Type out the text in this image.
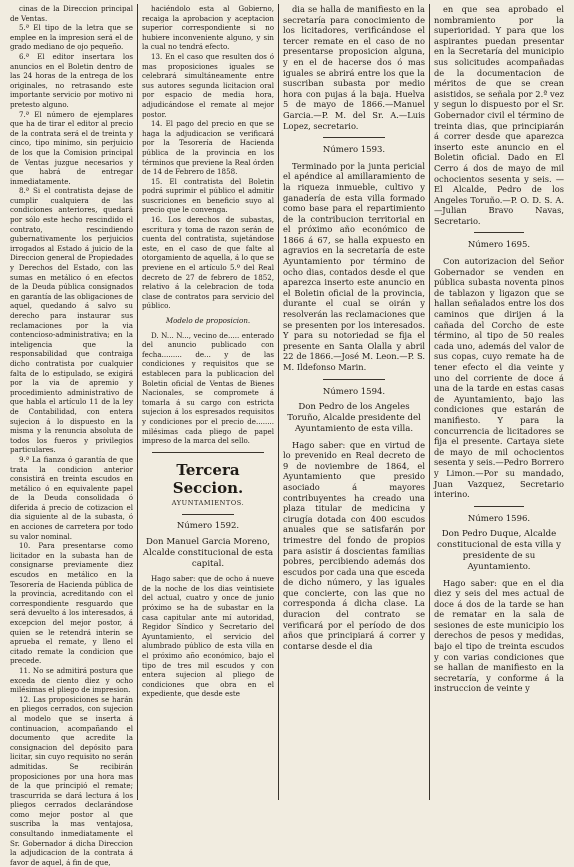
cinas de la Direccion principal de Ventas.

5.ª El tipo de la letra que se emplee en la impresion será el de grado mediano de ojo pequeño.

6.ª El editor insertara los anuncios en el Boletin dentro de las 24 horas de la entrega de los originales, no retrasando este importante servicio por motivo ni pretesto alguno.

7.ª El número de ejemplares que ha de tirar el editor al precio de la contrata será el de treinta y cinco, tipo minimo, sin perjuicio de los que la Comision principal de Ventas juzgue necesarios y que habrá de entregar inmediatamente.

8.ª Si el contratista dejase de cumplir cualquiera de las condiciones anteriores, quedará por sólo este hecho rescindido el contrato, rescindiendo gubernativamente los perjuicios irrogados al Estado á juicio de la Direccion general de Propiedades y Derechos del Estado, con las sumas en metálico ó en efectos de la Deuda pública consignados en garantía de las obligaciones de aquel, quedando á salvo su derecho para instaurar sus reclamaciones por la via contencioso-administrativa; en la inteligencia que la responsabilidad que contraiga dicho contratista por cualquier falta de lo estipulado, se exigirá por la via de apremio y procedimiento administrativo de que habla el artículo 11 de la ley de Contabilidad, con entera sujecion á lo dispuesto en la misma y la renuncia absoluta de todos los fueros y privilegios particulares.

9.ª La fianza ó garantía de que trata la condicion anterior consistirá en treinta escudos en metálico ó en equivalente papel de la Deuda consolidada ó diferida á precio de cotizacion el dia siguiente al de la subasta, ó en acciones de carretera por todo su valor nominal.

10. Para presentarse como licitador en la subasta han de consignarse previamente diez escudos en metálico en la Tesorería de Hacienda pública de la provincia, acreditando con el correspondiente resguardo que será devuelto á los interesados, á excepcion del mejor postor, á quien se le retendrá interin se aprueba el remate, y lleno el citado remate la condicion que precede.

11. No se admitirá postura que exceda de ciento diez y ocho milésimas el pliego de impresion.

12. Las proposiciones se harán en pliegos cerrados, con sujecion al modelo que se inserta á continuacion, acompañando el documento que acredite la consignacion del depósito para licitar, sin cuyo requisito no serán admitidas. Se recibirán proposiciones por una hora mas de la que principió el remate; trascurrida se dará lectura á los pliegos cerrados declarándose como mejor postor al que suscriba la mas ventajosa, consultando inmediatamente el Sr. Gobernador á dicha Direccion la adjudicacion de la contrata á favor de aquel, á fin de que,

haciéndolo esta al Gobierno, recaiga la aprobacion y aceptacion superior correspondiente si no hubiere inconveniente alguno, y sin la cual no tendrá efecto.

13. En el caso que resulten dos ó mas proposiciones iguales se celebrará simultáneamente entre sus autores segunda licitacion oral por espacio de media hora, adjudicándose el remate al mejor postor.

14. El pago del precio en que se haga la adjudicacion se verificará por la Tesorería de Hacienda pública de la provincia en los términos que previene la Real órden de 14 de Febrero de 1858.

15. El contratista del Boletin podrá suprimir el público el admitir suscriciones en beneficio suyo al precio que le convenga.

16. Los derechos de subastas, escritura y toma de razon serán de cuenta del contratista, sujetándose este, en el caso de que falte al otorgamiento de aquella, á lo que se previene en el artículo 5.º del Real decreto de 27 de febrero de 1852, relativo á la celebracion de toda clase de contratos para servicio del público.

Modelo de proposicion.

D. N... N..., vecino de..... enterado del anuncio publicado con fecha......... de... y de las condiciones y requisitos que se establecen para la publicacion del Boletin oficial de Ventas de Bienes Nacionales, se compromete á tomarla á su cargo con estricta sujecion á los espresados requisitos y condiciones por el precio de........ milésimas cada pliego de papel impreso de la marca del sello.

Tercera Seccion.
AYUNTAMIENTOS.

Número 1592.

Don Manuel Garcia Moreno, Alcalde constitucional de esta capital.

Hago saber: que de ocho á nueve de la noche de los dias veintisiete del actual, cuatro y once de junio próximo se ha de subastar en la casa capitular ante mí autoridad, Regidor Síndico y Secretario del Ayuntamiento, el servicio del alumbrado público de esta villa en el próximo año económico, bajo el tipo de tres mil escudos y con entera sujecion al pliego de condiciones que obra en el expediente, que desde este

dia se halla de manifiesto en la secretaría para conocimiento de los licitadores, verificándose el tercer remate en el caso de no presentarse proposicion alguna, y en el de hacerse dos ó mas iguales se abrirá entre los que la suscriban subasta por medio hora con pujas á la baja. Huelva 5 de mayo de 1866.—Manuel Garcia.—P. M. del Sr. A.—Luis Lopez, secretario.

Número 1593.

Terminado por la junta pericial el apéndice al amillaramiento de la riqueza inmueble, cultivo y ganadería de esta villa formado como base para el repartimiento de la contribucion territorial en el próximo año económico de 1866 á 67, se halla expuesto en agravios en la secretaría de este Ayuntamiento por término de ocho dias, contados desde el que aparezca inserto este anuncio en el Boletin oficial de la provincia, durante el cual se oirán y resolverán las reclamaciones que se presenten por los interesados. Y para su notoriedad se fija el presente en Santa Olalla y abril 22 de 1866.—José M. Leon.—P. S. M. Ildefonso Marin.

Número 1594.

Don Pedro de los Angeles Toruño, Alcalde presidente del Ayuntamiento de esta villa.

Hago saber: que en virtud de lo prevenido en Real decreto de 9 de noviembre de 1864, el Ayuntamiento que presido asociado á mayores contribuyentes ha creado una plaza titular de medicina y cirugía dotada con 400 escudos anuales que se satisfarán por trimestre del fondo de propios para asistir á doscientas familias pobres, percibiendo además dos escudos por cada una que esceda de dicho número, y las iguales que concierte, con las que no corresponda á dicha clase. La duracion del contrato se verificará por el período de dos años que principiará á correr y contarse desde el dia

en que sea aprobado el nombramiento por la superioridad. Y para que los aspirantes puedan presentar en la Secretaría del municipio sus solicitudes acompañadas de la documentacion de méritos de que se crean asistidos, se señala por 2.ª vez y segun lo dispuesto por el Sr. Gobernador civil el término de treinta dias, que principiarán á correr desde que aparezca inserto este anuncio en el Boletin oficial. Dado en El Cerro á dos de mayo de mil ochocientos sesenta y seis. —El Alcalde, Pedro de los Angeles Toruño.—P. O. D. S. A.—Julian Bravo Navas, Secretario.

Número 1695.

Con autorizacion del Señor Gobernador se venden en pública subasta noventa pinos de tablazon y ligazon que se hallan señalados entre los dos caminos que dirijen á la cañada del Corcho de este término, al tipo de 50 reales cada uno, además del valor de sus copas, cuyo remate ha de tener efecto el dia veinte y uno del corriente de doce á una de la tarde en estas casas de Ayuntamiento, bajo las condiciones que estarán de manifiesto. Y para la concurrencia de licitadores se fija el presente. Cartaya siete de mayo de mil ochocientos sesenta y seis.—Pedro Borrero y Limon.—Por su mandado, Juan Vazquez, Secretario interino.

Número 1596.

Don Pedro Duque, Alcalde constitucional de esta villa y presidente de su Ayuntamiento.

Hago saber: que en el dia diez y seis del mes actual de doce á dos de la tarde se han de rematar en la sala de sesiones de este municipio los derechos de pesos y medidas, bajo el tipo de treinta escudos y con varias condiciones que se hallan de manifiesto en la secretaría, y conforme á la instruccion de veinte y
